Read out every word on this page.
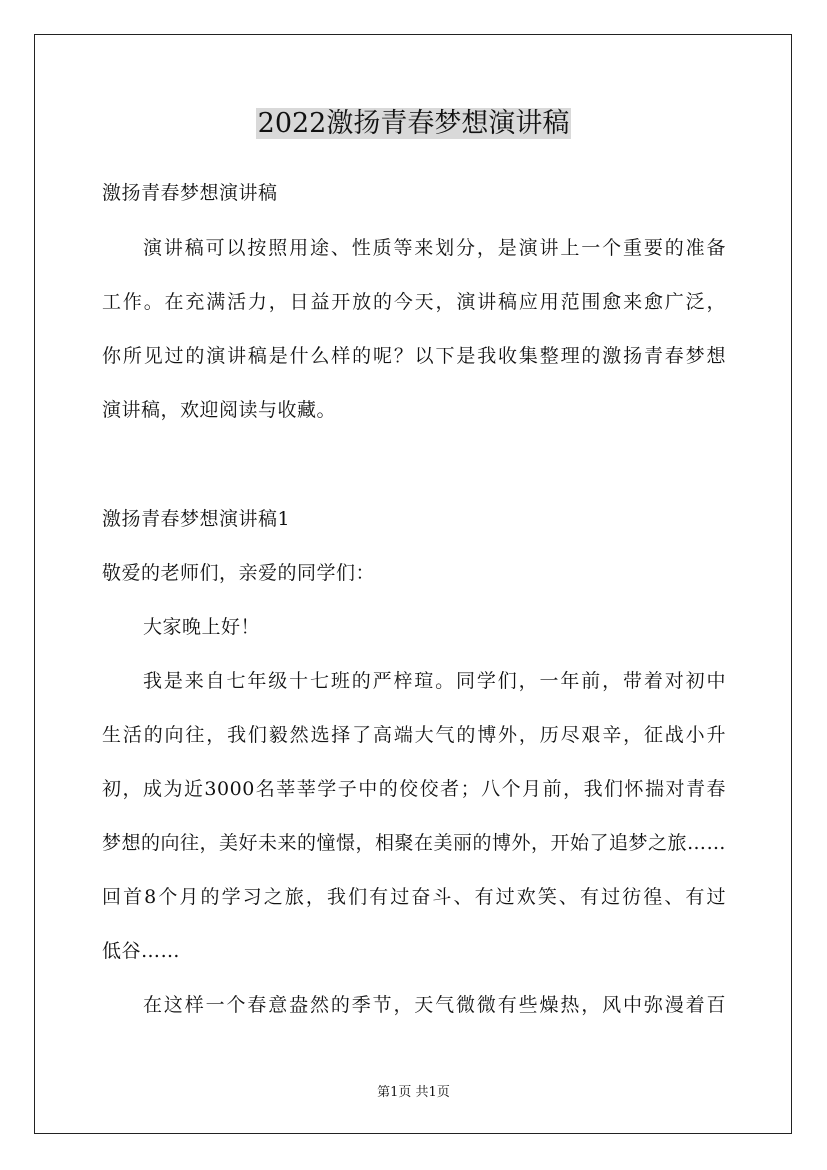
2022激扬青春梦想演讲稿
激扬青春梦想演讲稿
演讲稿可以按照用途、性质等来划分，是演讲上一个重要的准备
工作。在充满活力，日益开放的今天，演讲稿应用范围愈来愈广泛，
你所见过的演讲稿是什么样的呢？以下是我收集整理的激扬青春梦想
演讲稿，欢迎阅读与收藏。
激扬青春梦想演讲稿1
敬爱的老师们，亲爱的同学们：
大家晚上好！
我是来自七年级十七班的严梓瑄。同学们，一年前，带着对初中
生活的向往，我们毅然选择了高端大气的博外，历尽艰辛，征战小升
初，成为近3000名莘莘学子中的佼佼者；八个月前，我们怀揣对青春
梦想的向往，美好未来的憧憬，相聚在美丽的博外，开始了追梦之旅……
回首8个月的学习之旅，我们有过奋斗、有过欢笑、有过彷徨、有过
低谷……
在这样一个春意盎然的季节，天气微微有些燥热，风中弥漫着百
第1页 共1页
